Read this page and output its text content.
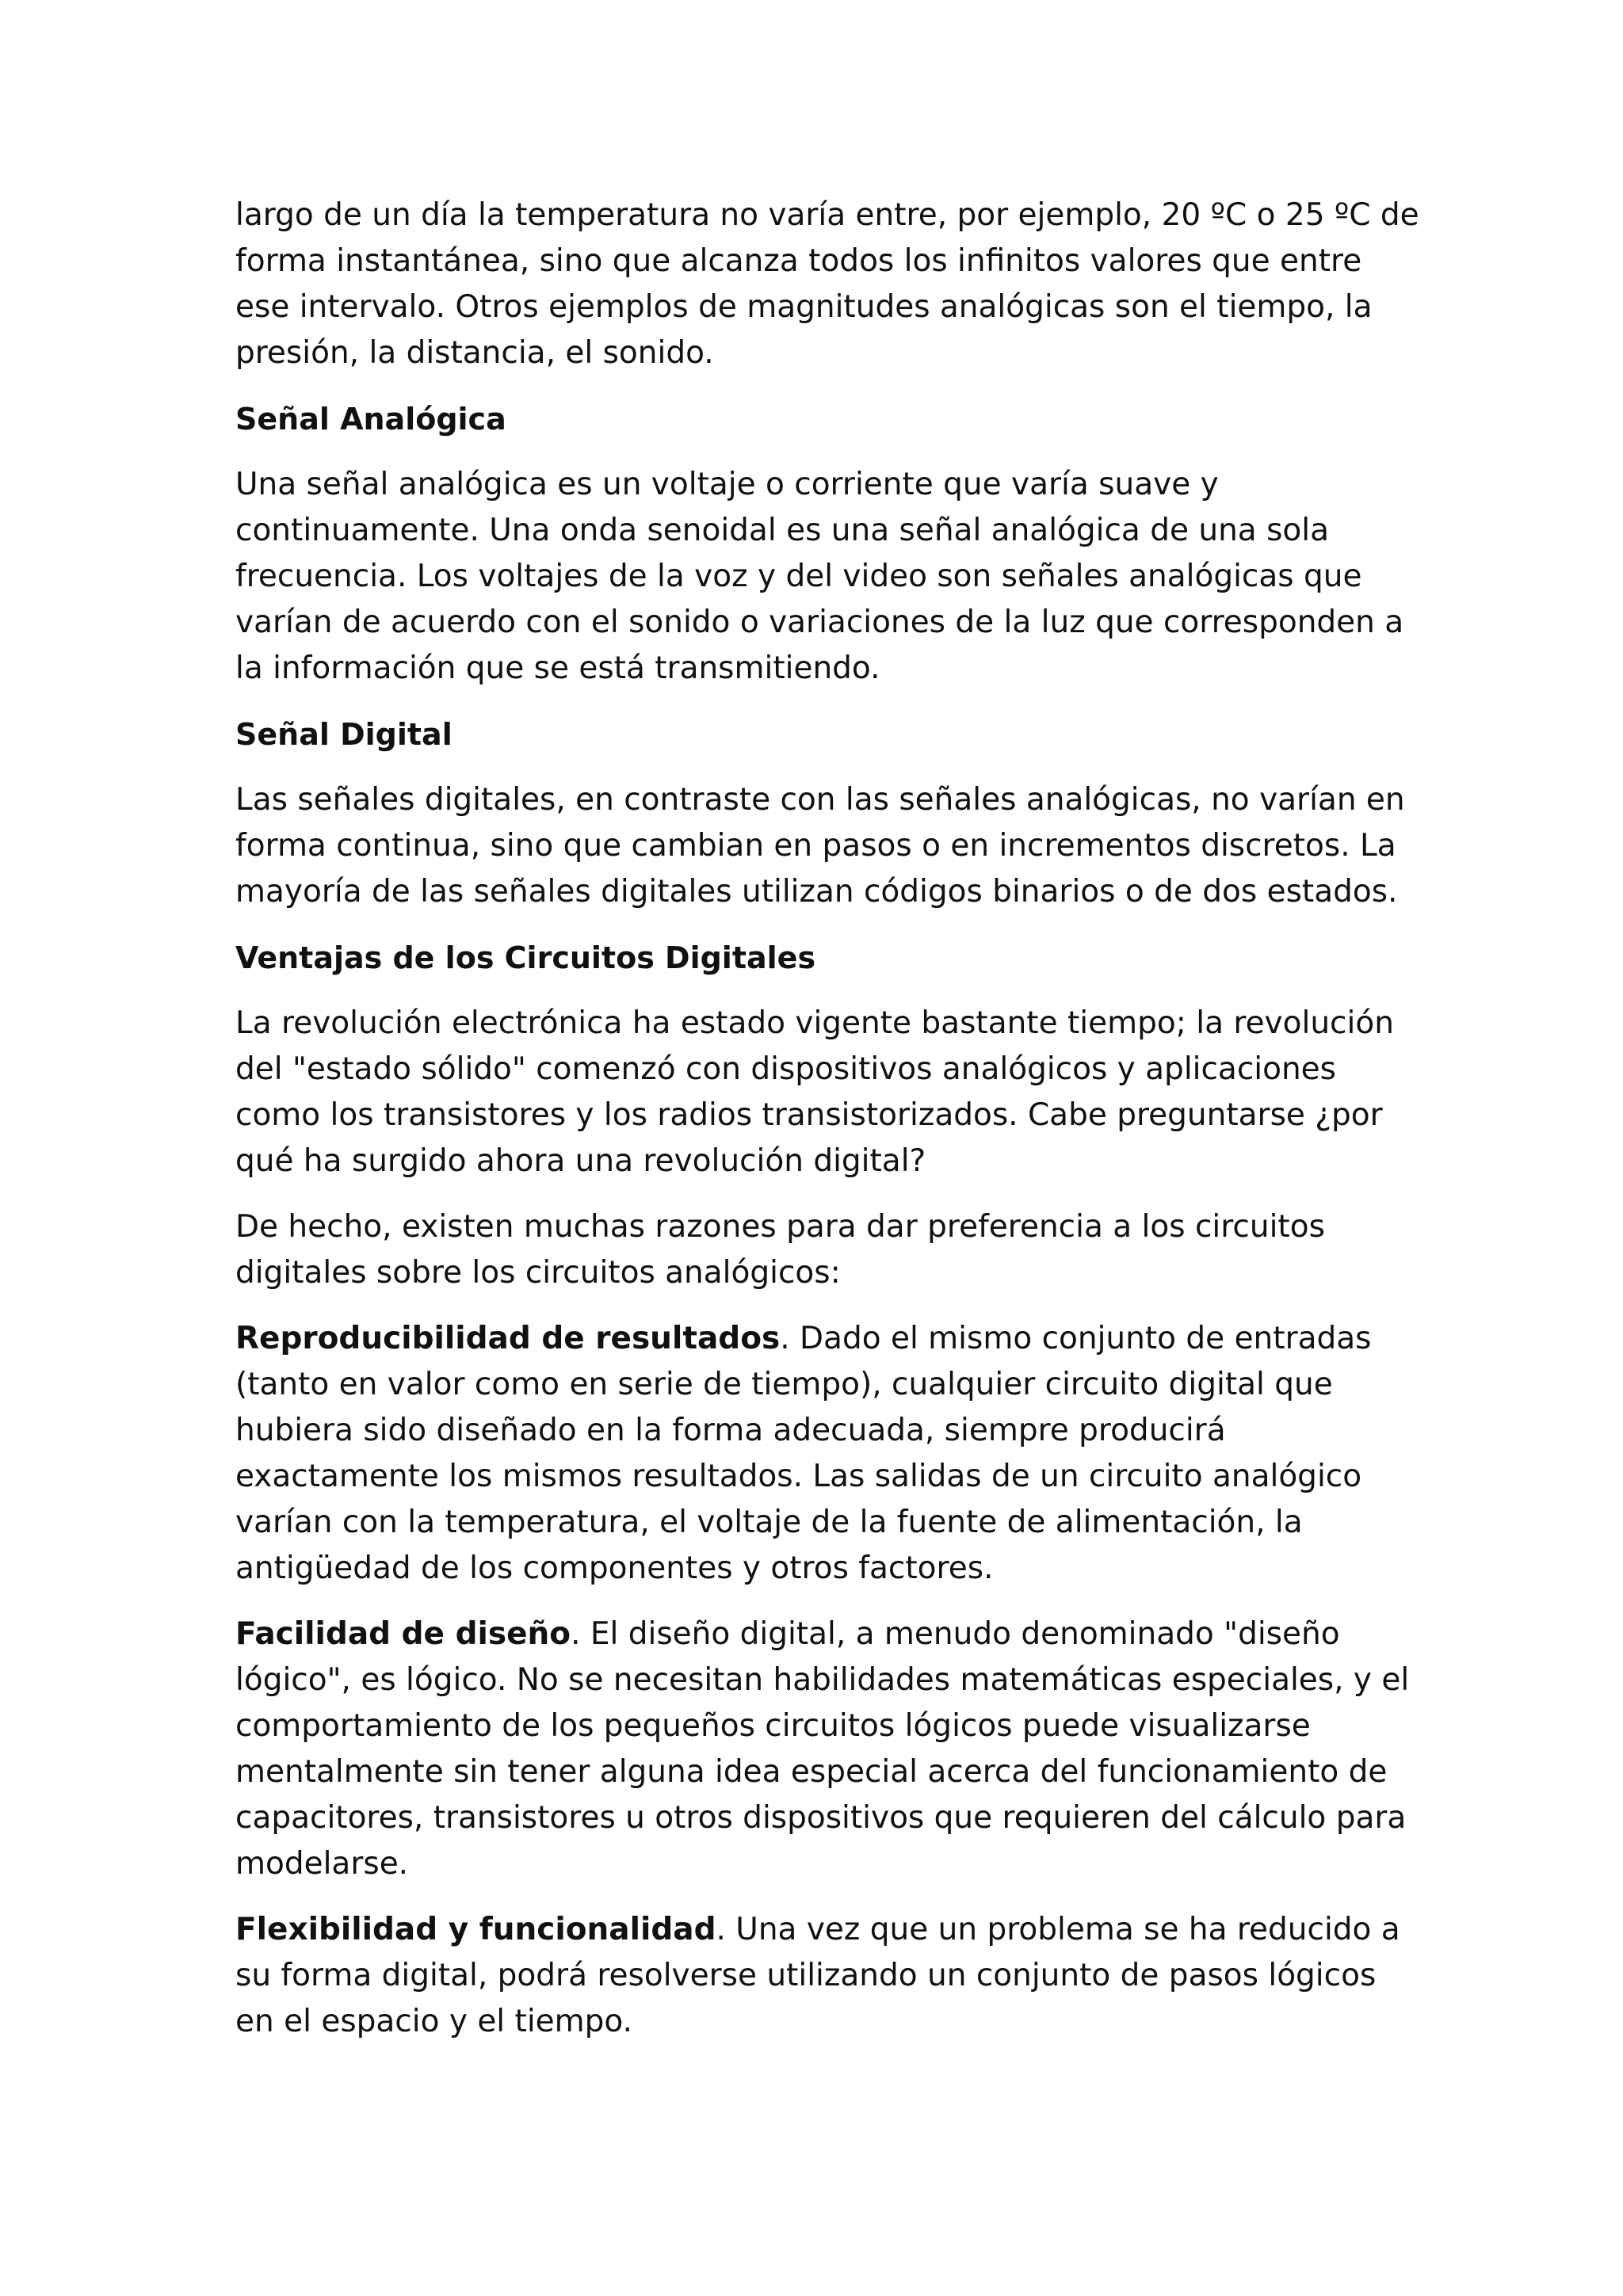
largo de un día la temperatura no varía entre, por ejemplo, 20 ºC o 25 ºC de forma instantánea, sino que alcanza todos los infinitos valores que entre ese intervalo. Otros ejemplos de magnitudes analógicas son el tiempo, la presión, la distancia, el sonido.

Señal Analógica

Una señal analógica es un voltaje o corriente que varía suave y continuamente. Una onda senoidal es una señal analógica de una sola frecuencia. Los voltajes de la voz y del video son señales analógicas que varían de acuerdo con el sonido o variaciones de la luz que corresponden a la información que se está transmitiendo.

Señal Digital

Las señales digitales, en contraste con las señales analógicas, no varían en forma continua, sino que cambian en pasos o en incrementos discretos. La mayoría de las señales digitales utilizan códigos binarios o de dos estados.

Ventajas de los Circuitos Digitales

La revolución electrónica ha estado vigente bastante tiempo; la revolución del "estado sólido" comenzó con dispositivos analógicos y aplicaciones como los transistores y los radios transistorizados. Cabe preguntarse ¿por qué ha surgido ahora una revolución digital?

De hecho, existen muchas razones para dar preferencia a los circuitos digitales sobre los circuitos analógicos:

Reproducibilidad de resultados. Dado el mismo conjunto de entradas (tanto en valor como en serie de tiempo), cualquier circuito digital que hubiera sido diseñado en la forma adecuada, siempre producirá exactamente los mismos resultados. Las salidas de un circuito analógico varían con la temperatura, el voltaje de la fuente de alimentación, la antigüedad de los componentes y otros factores.

Facilidad de diseño. El diseño digital, a menudo denominado "diseño lógico", es lógico. No se necesitan habilidades matemáticas especiales, y el comportamiento de los pequeños circuitos lógicos puede visualizarse mentalmente sin tener alguna idea especial acerca del funcionamiento de capacitores, transistores u otros dispositivos que requieren del cálculo para modelarse.

Flexibilidad y funcionalidad. Una vez que un problema se ha reducido a su forma digital, podrá resolverse utilizando un conjunto de pasos lógicos en el espacio y el tiempo.
